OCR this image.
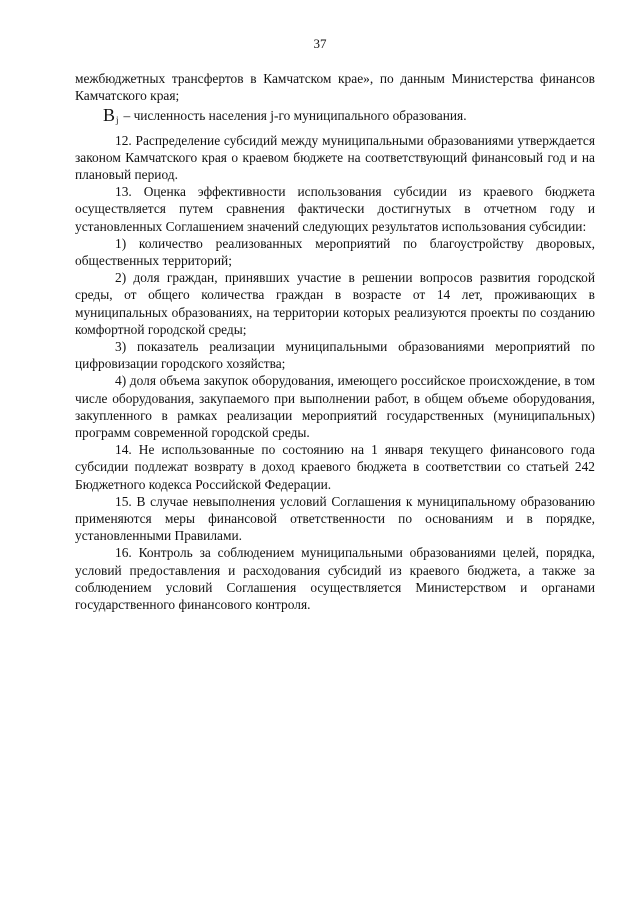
37

межбюджетных трансфертов в Камчатском крае», по данным Министерства финансов Камчатского края;

$В_j$ – численность населения j-го муниципального образования.

12. Распределение субсидий между муниципальными образованиями утверждается законом Камчатского края о краевом бюджете на соответствующий финансовый год и на плановый период.

13. Оценка эффективности использования субсидии из краевого бюджета осуществляется путем сравнения фактически достигнутых в отчетном году и установленных Соглашением значений следующих результатов использования субсидии:

1) количество реализованных мероприятий по благоустройству дворовых, общественных территорий;

2) доля граждан, принявших участие в решении вопросов развития городской среды, от общего количества граждан в возрасте от 14 лет, проживающих в муниципальных образованиях, на территории которых реализуются проекты по созданию комфортной городской среды;

3) показатель реализации муниципальными образованиями мероприятий по цифровизации городского хозяйства;

4) доля объема закупок оборудования, имеющего российское происхождение, в том числе оборудования, закупаемого при выполнении работ, в общем объеме оборудования, закупленного в рамках реализации мероприятий государственных (муниципальных) программ современной городской среды.

14. Не использованные по состоянию на 1 января текущего финансового года субсидии подлежат возврату в доход краевого бюджета в соответствии со статьей 242 Бюджетного кодекса Российской Федерации.

15. В случае невыполнения условий Соглашения к муниципальному образованию применяются меры финансовой ответственности по основаниям и в порядке, установленными Правилами.

16. Контроль за соблюдением муниципальными образованиями целей, порядка, условий предоставления и расходования субсидий из краевого бюджета, а также за соблюдением условий Соглашения осуществляется Министерством и органами государственного финансового контроля.
